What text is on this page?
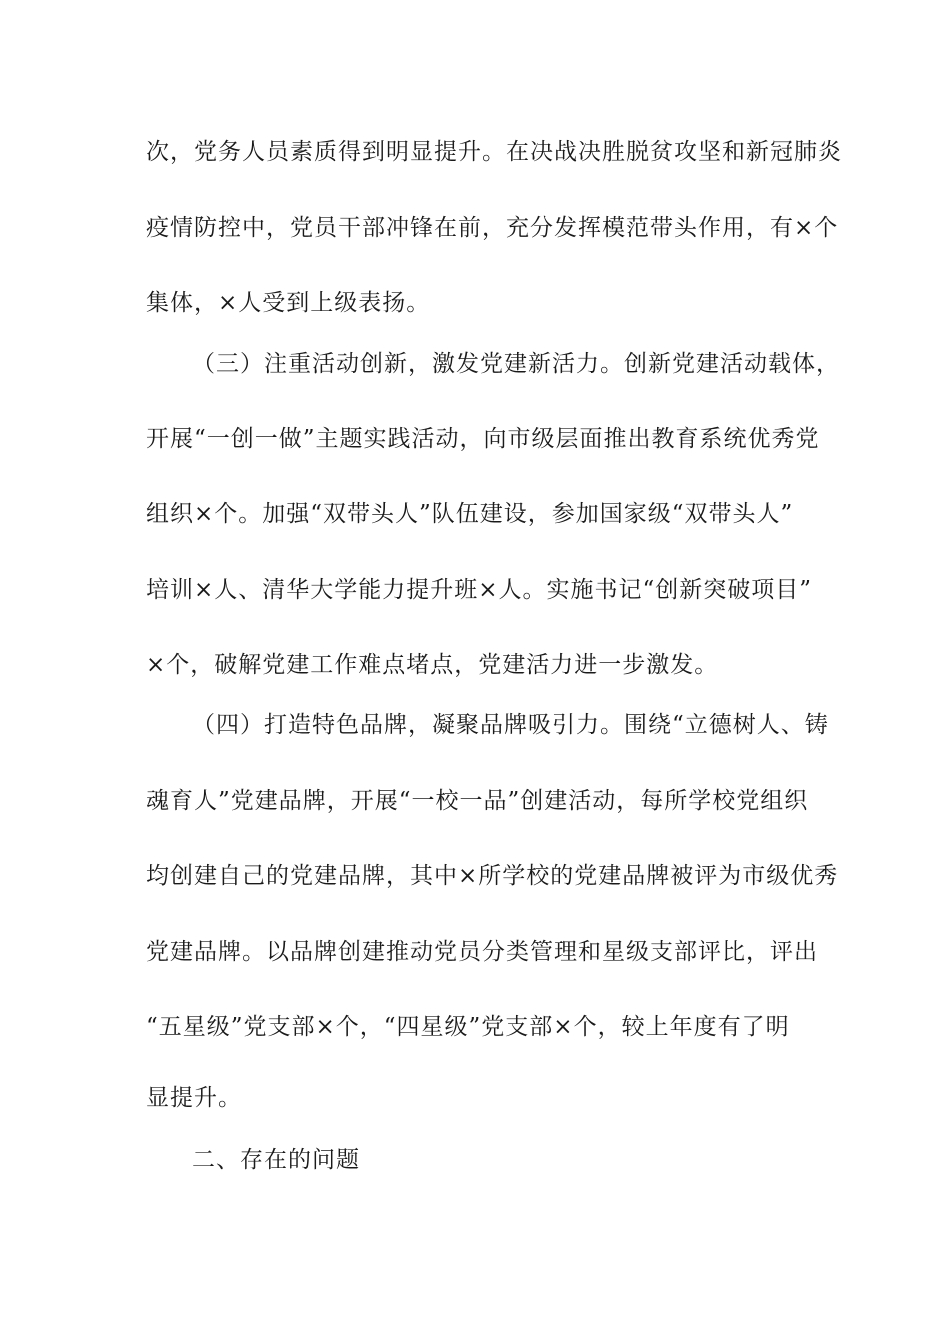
次，党务人员素质得到明显提升。在决战决胜脱贫攻坚和新冠肺炎
疫情防控中，党员干部冲锋在前，充分发挥模范带头作用，有×个
集体，×人受到上级表扬。
（三）注重活动创新，激发党建新活力。创新党建活动载体，
开展“一创一做”主题实践活动，向市级层面推出教育系统优秀党
组织×个。加强“双带头人”队伍建设，参加国家级“双带头人”
培训×人、清华大学能力提升班×人。实施书记“创新突破项目”
×个，破解党建工作难点堵点，党建活力进一步激发。
（四）打造特色品牌，凝聚品牌吸引力。围绕“立德树人、铸
魂育人”党建品牌，开展“一校一品”创建活动，每所学校党组织
均创建自己的党建品牌，其中×所学校的党建品牌被评为市级优秀
党建品牌。以品牌创建推动党员分类管理和星级支部评比，评出
“五星级”党支部×个，“四星级”党支部×个，较上年度有了明
显提升。
二、存在的问题
